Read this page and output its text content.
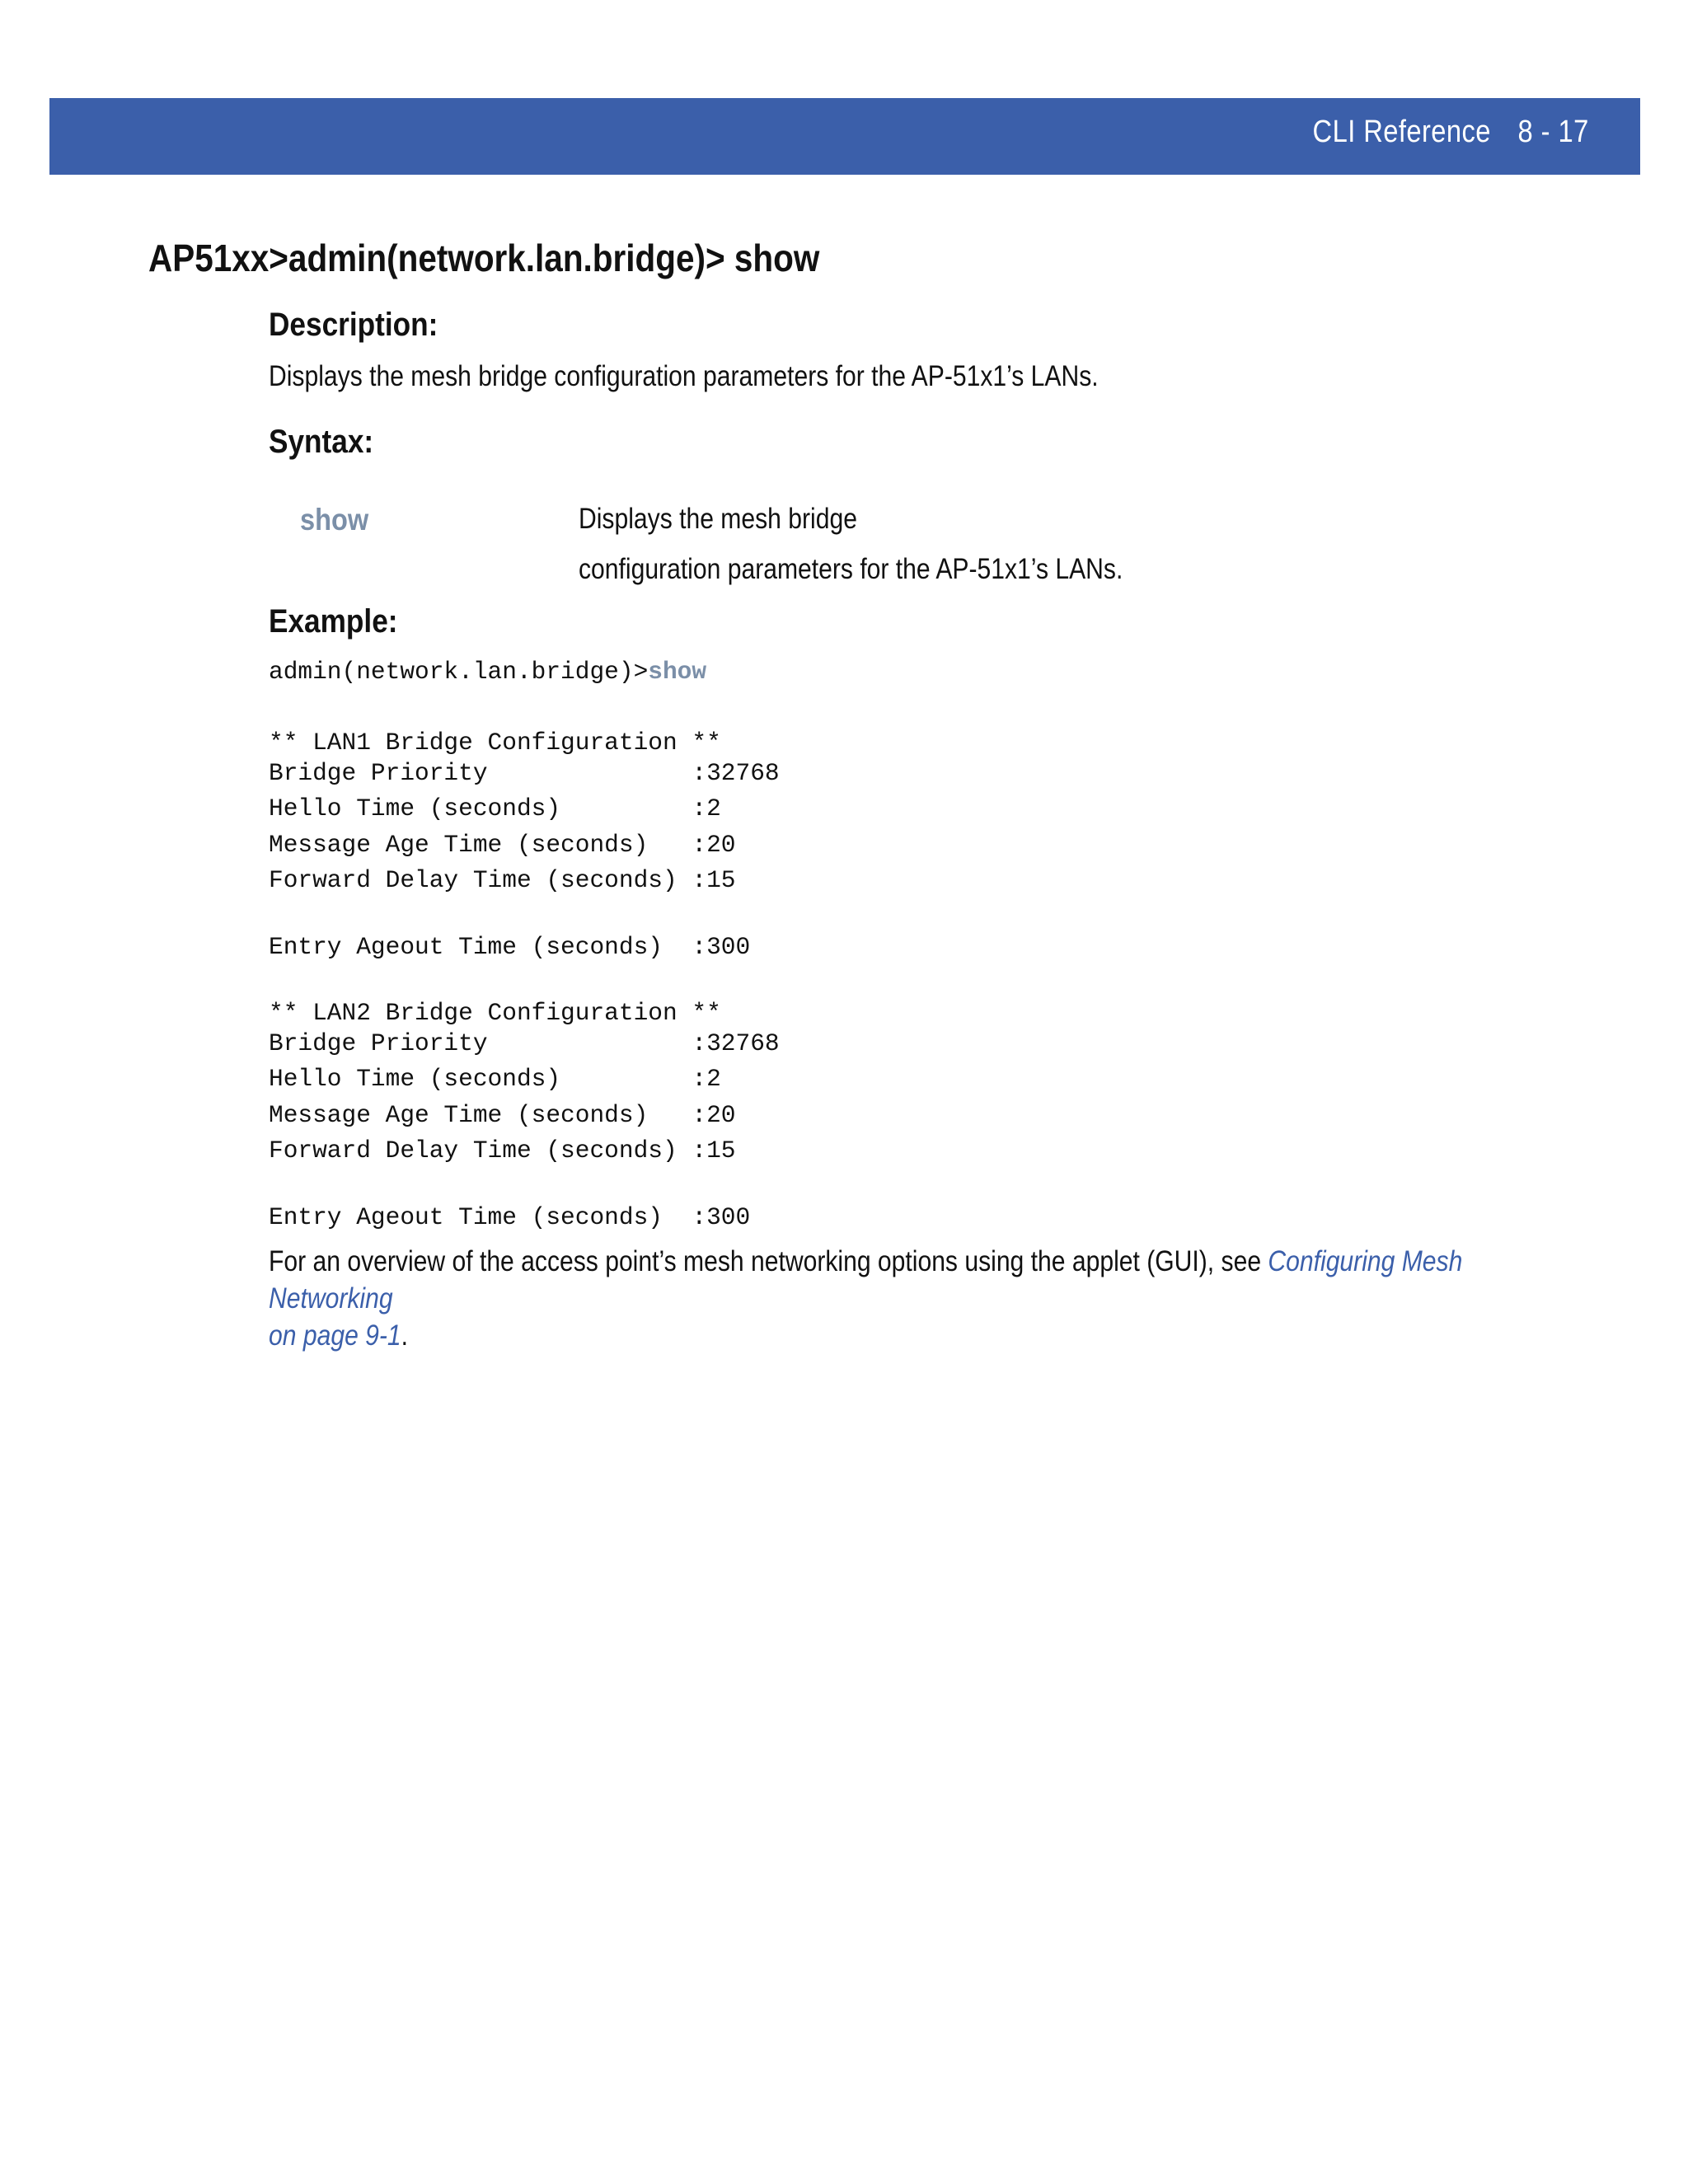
CLI Reference 8 - 17
AP51xx>admin(network.lan.bridge)> show
Description:
Displays the mesh bridge configuration parameters for the AP-51x1’s LANs.
Syntax:
show	Displays the mesh bridge
configuration parameters for the AP-51x1’s LANs.
Example:
admin(network.lan.bridge)>show
** LAN1 Bridge Configuration **
Bridge Priority              :32768
Hello Time (seconds)         :2
Message Age Time (seconds)   :20
Forward Delay Time (seconds) :15
Entry Ageout Time (seconds)  :300
** LAN2 Bridge Configuration **
Bridge Priority              :32768
Hello Time (seconds)         :2
Message Age Time (seconds)   :20
Forward Delay Time (seconds) :15
Entry Ageout Time (seconds)  :300
For an overview of the access point’s mesh networking options using the applet (GUI), see Configuring Mesh Networking
on page 9-1.
